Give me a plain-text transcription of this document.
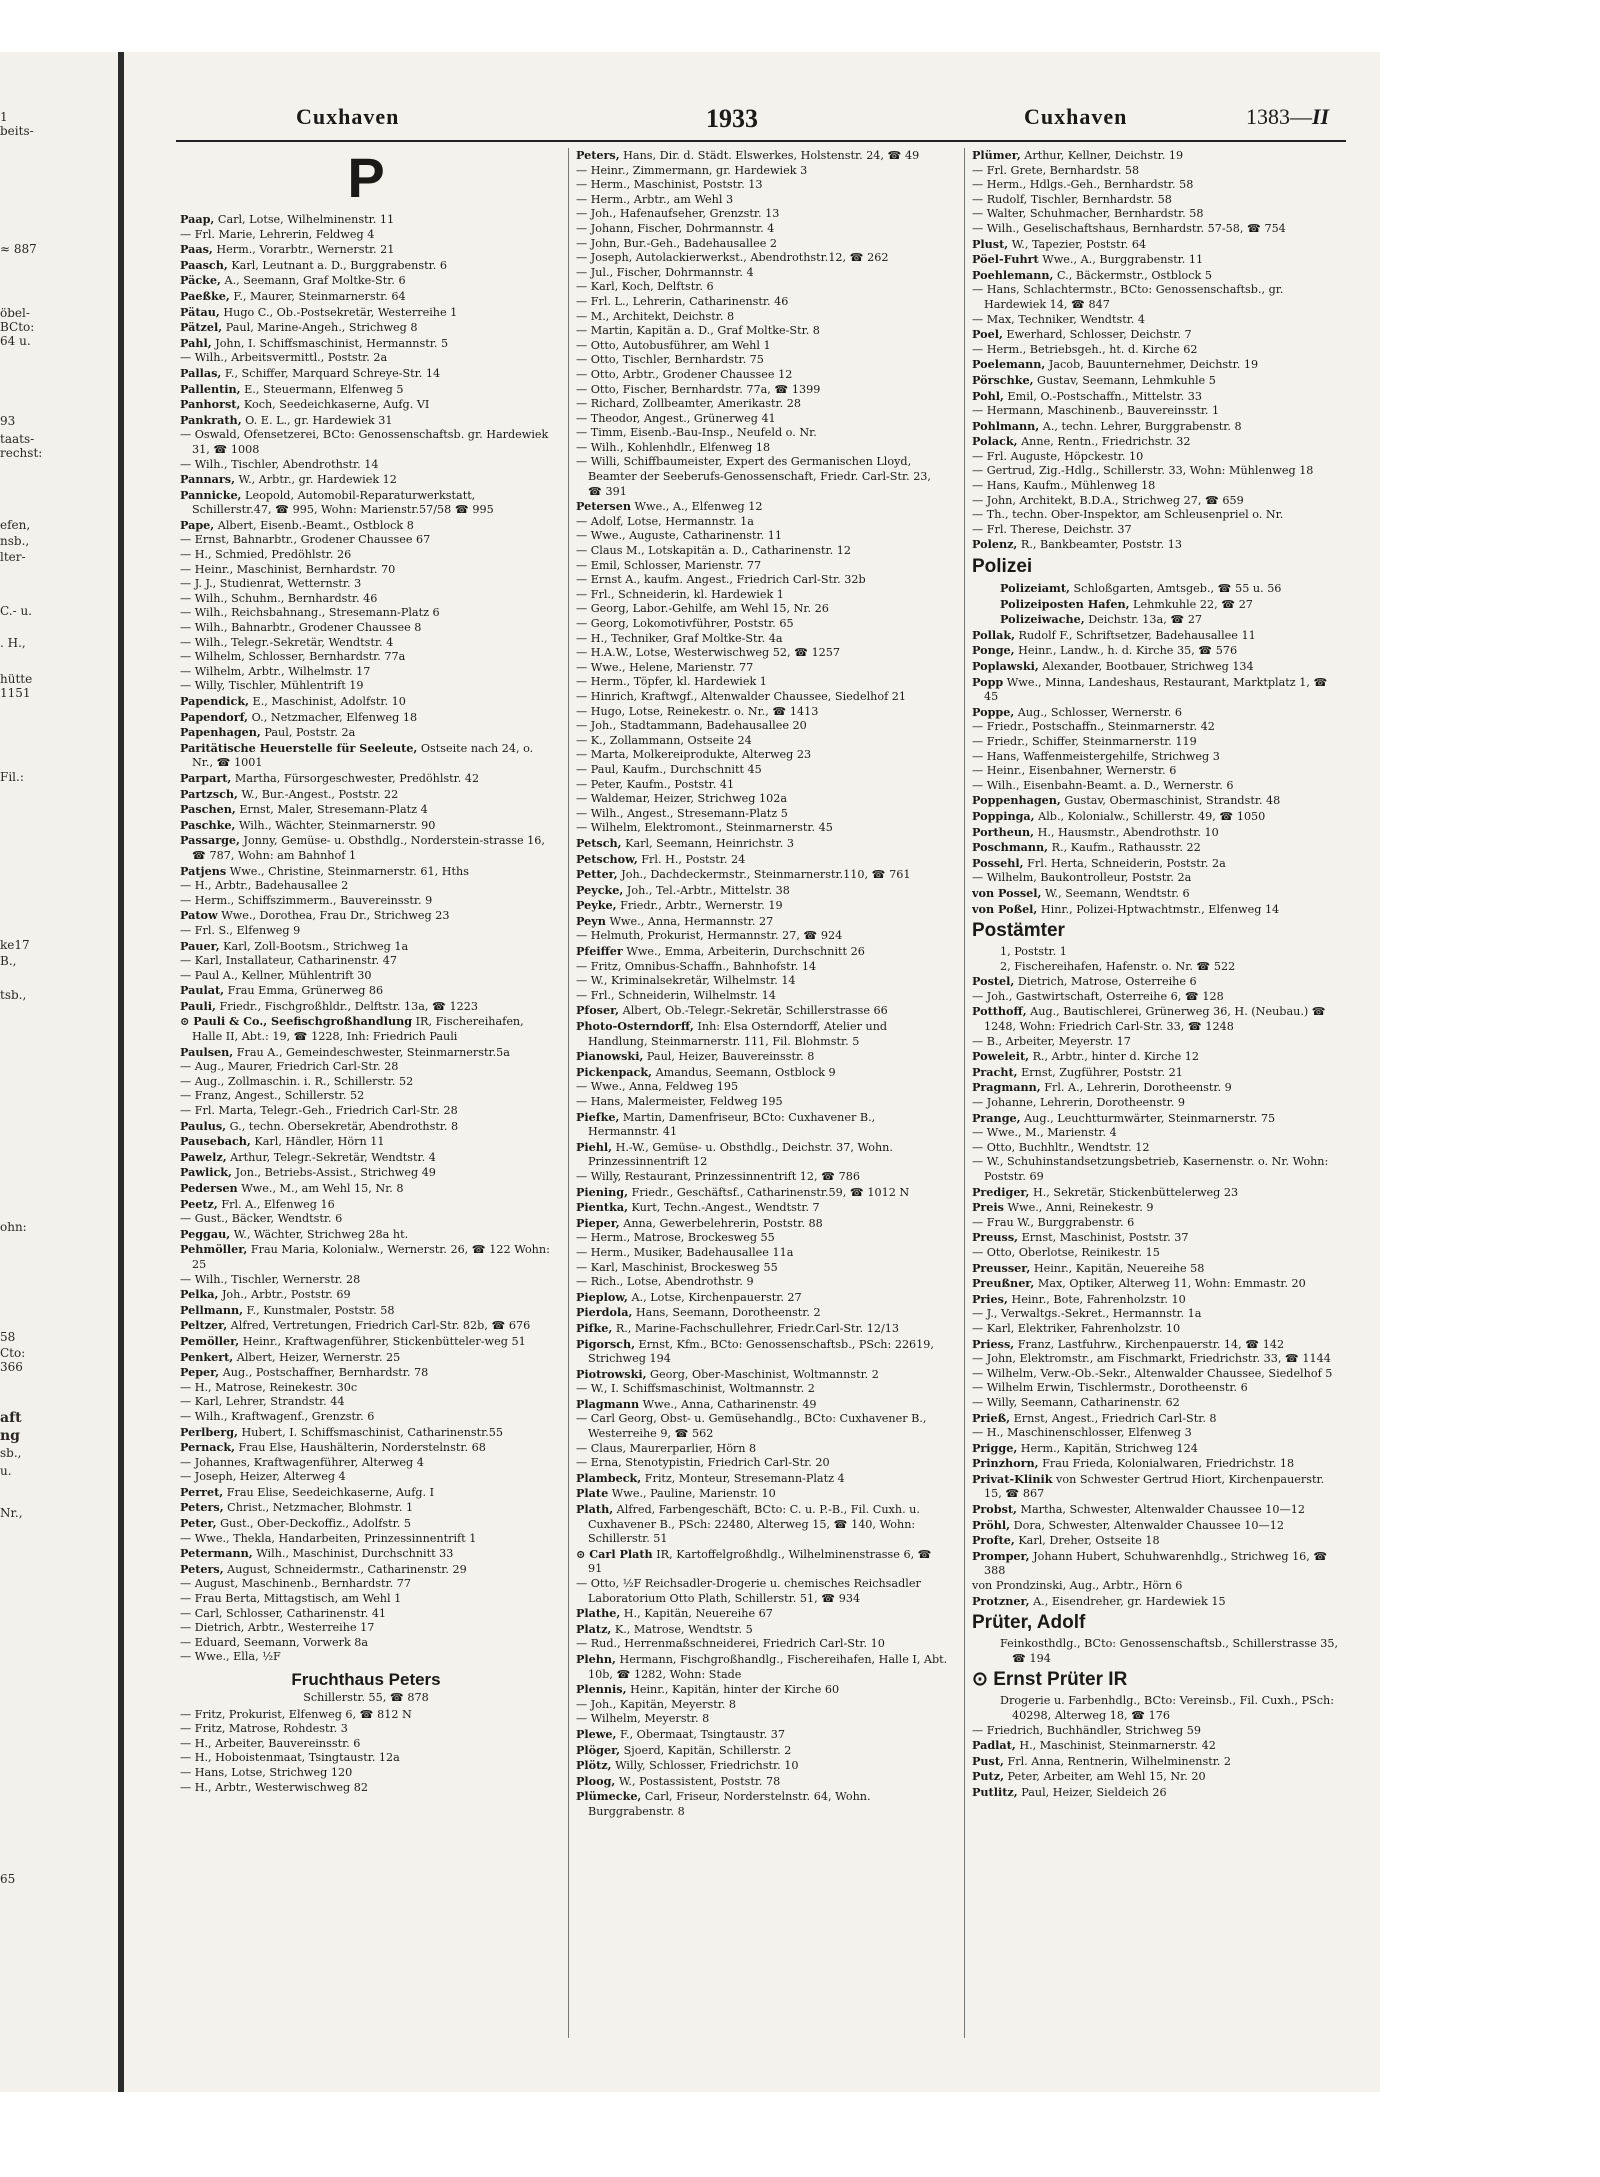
1
beits-
≈ 887
öbel-
BCto:
64 u.
93
taats-
rechst:
efen,
nsb.,
lter-
C.- u.
. H.,
hütte
1151
Fil.:
ke17
B.,
tsb.,
ohn:
58
Cto:
366
aft
ng
sb.,
u.
Nr.,
65
Cuxhaven	1933	Cuxhaven	1383—II
P

Paap, Carl, Lotse, Wilhelminenstr. 11

— Frl. Marie, Lehrerin, Feldweg 4

Paas, Herm., Vorarbtr., Wernerstr. 21

Paasch, Karl, Leutnant a. D., Burggrabenstr. 6

Päcke, A., Seemann, Graf Moltke-Str. 6

Paeßke, F., Maurer, Steinmarnerstr. 64

Pätau, Hugo C., Ob.-Postsekretär, Westerreihe 1

Pätzel, Paul, Marine-Angeh., Strichweg 8

Pahl, John, I. Schiffsmaschinist, Hermannstr. 5

— Wilh., Arbeitsvermittl., Poststr. 2a

Pallas, F., Schiffer, Marquard Schreye-Str. 14

Pallentin, E., Steuermann, Elfenweg 5

Panhorst, Koch, Seedeichkaserne, Aufg. VI

Pankrath, O. E. L., gr. Hardewiek 31

— Oswald, Ofensetzerei, BCto: Genossenschaftsb. gr. Hardewiek 31, ☎ 1008

— Wilh., Tischler, Abendrothstr. 14

Pannars, W., Arbtr., gr. Hardewiek 12

Pannicke, Leopold, Automobil-Reparaturwerkstatt, Schillerstr.47, ☎ 995, Wohn: Marienstr.57/58 ☎ 995

Pape, Albert, Eisenb.-Beamt., Ostblock 8

— Ernst, Bahnarbtr., Grodener Chaussee 67

— H., Schmied, Predöhlstr. 26

— Heinr., Maschinist, Bernhardstr. 70

— J. J., Studienrat, Wetternstr. 3

— Wilh., Schuhm., Bernhardstr. 46

— Wilh., Reichsbahnang., Stresemann-Platz 6

— Wilh., Bahnarbtr., Grodener Chaussee 8

— Wilh., Telegr.-Sekretär, Wendtstr. 4

— Wilhelm, Schlosser, Bernhardstr. 77a

— Wilhelm, Arbtr., Wilhelmstr. 17

— Willy, Tischler, Mühlentrift 19

Papendick, E., Maschinist, Adolfstr. 10

Papendorf, O., Netzmacher, Elfenweg 18

Papenhagen, Paul, Poststr. 2a

Paritätische Heuerstelle für Seeleute, Ostseite nach 24, o. Nr., ☎ 1001

Parpart, Martha, Fürsorgeschwester, Predöhlstr. 42

Partzsch, W., Bur.-Angest., Poststr. 22

Paschen, Ernst, Maler, Stresemann-Platz 4

Paschke, Wilh., Wächter, Steinmarnerstr. 90

Passarge, Jonny, Gemüse- u. Obsthdlg., Norderstein-strasse 16, ☎ 787, Wohn: am Bahnhof 1

Patjens Wwe., Christine, Steinmarnerstr. 61, Hths

— H., Arbtr., Badehausallee 2

— Herm., Schiffszimmerm., Bauvereinsstr. 9

Patow Wwe., Dorothea, Frau Dr., Strichweg 23

— Frl. S., Elfenweg 9

Pauer, Karl, Zoll-Bootsm., Strichweg 1a

— Karl, Installateur, Catharinenstr. 47

— Paul A., Kellner, Mühlentrift 30

Paulat, Frau Emma, Grünerweg 86

Pauli, Friedr., Fischgroßhldr., Delftstr. 13a, ☎ 1223

⊙ Pauli & Co., Seefischgroßhandlung IR, Fischereihafen, Halle II, Abt.: 19, ☎ 1228, Inh: Friedrich Pauli

Paulsen, Frau A., Gemeindeschwester, Steinmarnerstr.5a

— Aug., Maurer, Friedrich Carl-Str. 28

— Aug., Zollmaschin. i. R., Schillerstr. 52

— Franz, Angest., Schillerstr. 52

— Frl. Marta, Telegr.-Geh., Friedrich Carl-Str. 28

Paulus, G., techn. Obersekretär, Abendrothstr. 8

Pausebach, Karl, Händler, Hörn 11

Pawelz, Arthur, Telegr.-Sekretär, Wendtstr. 4

Pawlick, Jon., Betriebs-Assist., Strichweg 49

Pedersen Wwe., M., am Wehl 15, Nr. 8

Peetz, Frl. A., Elfenweg 16

— Gust., Bäcker, Wendtstr. 6

Peggau, W., Wächter, Strichweg 28a ht.

Pehmöller, Frau Maria, Kolonialw., Wernerstr. 26, ☎ 122 Wohn: 25

— Wilh., Tischler, Wernerstr. 28

Pelka, Joh., Arbtr., Poststr. 69

Pellmann, F., Kunstmaler, Poststr. 58

Peltzer, Alfred, Vertretungen, Friedrich Carl-Str. 82b, ☎ 676

Pemöller, Heinr., Kraftwagenführer, Stickenbütteler-weg 51

Penkert, Albert, Heizer, Wernerstr. 25

Peper, Aug., Postschaffner, Bernhardstr. 78

— H., Matrose, Reinekestr. 30c

— Karl, Lehrer, Strandstr. 44

— Wilh., Kraftwagenf., Grenzstr. 6

Perlberg, Hubert, I. Schiffsmaschinist, Catharinenstr.55

Pernack, Frau Else, Haushälterin, Norderstelnstr. 68

— Johannes, Kraftwagenführer, Alterweg 4

— Joseph, Heizer, Alterweg 4

Perret, Frau Elise, Seedeichkaserne, Aufg. I

Peters, Christ., Netzmacher, Blohmstr. 1

Peter, Gust., Ober-Deckoffiz., Adolfstr. 5

— Wwe., Thekla, Handarbeiten, Prinzessinnentrift 1

Petermann, Wilh., Maschinist, Durchschnitt 33

Peters, August, Schneidermstr., Catharinenstr. 29

— August, Maschinenb., Bernhardstr. 77

— Frau Berta, Mittagstisch, am Wehl 1

— Carl, Schlosser, Catharinenstr. 41

— Dietrich, Arbtr., Westerreihe 17

— Eduard, Seemann, Vorwerk 8a

— Wwe., Ella, ½F

Fruchthaus Peters
Schillerstr. 55, ☎ 878

— Fritz, Prokurist, Elfenweg 6, ☎ 812 N

— Fritz, Matrose, Rohdestr. 3

— H., Arbeiter, Bauvereinsstr. 6

— H., Hoboistenmaat, Tsingtaustr. 12a

— Hans, Lotse, Strichweg 120

— H., Arbtr., Westerwischweg 82

Peters, Hans, Dir. d. Städt. Elswerkes, Holstenstr. 24, ☎ 49

— Heinr., Zimmermann, gr. Hardewiek 3

— Herm., Maschinist, Poststr. 13

— Herm., Arbtr., am Wehl 3

— Joh., Hafenaufseher, Grenzstr. 13

— Johann, Fischer, Dohrmannstr. 4

— John, Bur.-Geh., Badehausallee 2

— Joseph, Autolackierwerkst., Abendrothstr.12, ☎ 262

— Jul., Fischer, Dohrmannstr. 4

— Karl, Koch, Delftstr. 6

— Frl. L., Lehrerin, Catharinenstr. 46

— M., Architekt, Deichstr. 8

— Martin, Kapitän a. D., Graf Moltke-Str. 8

— Otto, Autobusführer, am Wehl 1

— Otto, Tischler, Bernhardstr. 75

— Otto, Arbtr., Grodener Chaussee 12

— Otto, Fischer, Bernhardstr. 77a, ☎ 1399

— Richard, Zollbeamter, Amerikastr. 28

— Theodor, Angest., Grünerweg 41

— Timm, Eisenb.-Bau-Insp., Neufeld o. Nr.

— Wilh., Kohlenhdlr., Elfenweg 18

— Willi, Schiffbaumeister, Expert des Germanischen Lloyd, Beamter der Seeberufs-Genossenschaft, Friedr. Carl-Str. 23, ☎ 391

Petersen Wwe., A., Elfenweg 12

— Adolf, Lotse, Hermannstr. 1a

— Wwe., Auguste, Catharinenstr. 11

— Claus M., Lotskapitän a. D., Catharinenstr. 12

— Emil, Schlosser, Marienstr. 77

— Ernst A., kaufm. Angest., Friedrich Carl-Str. 32b

— Frl., Schneiderin, kl. Hardewiek 1

— Georg, Labor.-Gehilfe, am Wehl 15, Nr. 26

— Georg, Lokomotivführer, Poststr. 65

— H., Techniker, Graf Moltke-Str. 4a

— H.A.W., Lotse, Westerwischweg 52, ☎ 1257

— Wwe., Helene, Marienstr. 77

— Herm., Töpfer, kl. Hardewiek 1

— Hinrich, Kraftwgf., Altenwalder Chaussee, Siedelhof 21

— Hugo, Lotse, Reinekestr. o. Nr., ☎ 1413

— Joh., Stadtammann, Badehausallee 20

— K., Zollammann, Ostseite 24

— Marta, Molkereiprodukte, Alterweg 23

— Paul, Kaufm., Durchschnitt 45

— Peter, Kaufm., Poststr. 41

— Waldemar, Heizer, Strichweg 102a

— Wilh., Angest., Stresemann-Platz 5

— Wilhelm, Elektromont., Steinmarnerstr. 45

Petsch, Karl, Seemann, Heinrichstr. 3

Petschow, Frl. H., Poststr. 24

Petter, Joh., Dachdeckermstr., Steinmarnerstr.110, ☎ 761

Peycke, Joh., Tel.-Arbtr., Mittelstr. 38

Peyke, Friedr., Arbtr., Wernerstr. 19

Peyn Wwe., Anna, Hermannstr. 27

— Helmuth, Prokurist, Hermannstr. 27, ☎ 924

Pfeiffer Wwe., Emma, Arbeiterin, Durchschnitt 26

— Fritz, Omnibus-Schaffn., Bahnhofstr. 14

— W., Kriminalsekretär, Wilhelmstr. 14

— Frl., Schneiderin, Wilhelmstr. 14

Pfoser, Albert, Ob.-Telegr.-Sekretär, Schillerstrasse 66

Photo-Osterndorff, Inh: Elsa Osterndorff, Atelier und Handlung, Steinmarnerstr. 111, Fil. Blohmstr. 5

Pianowski, Paul, Heizer, Bauvereinsstr. 8

Pickenpack, Amandus, Seemann, Ostblock 9

— Wwe., Anna, Feldweg 195

— Hans, Malermeister, Feldweg 195

Piefke, Martin, Damenfriseur, BCto: Cuxhavener B., Hermannstr. 41

Piehl, H.-W., Gemüse- u. Obsthdlg., Deichstr. 37, Wohn. Prinzessinnentrift 12

— Willy, Restaurant, Prinzessinnentrift 12, ☎ 786

Piening, Friedr., Geschäftsf., Catharinenstr.59, ☎ 1012 N

Pientka, Kurt, Techn.-Angest., Wendtstr. 7

Pieper, Anna, Gewerbelehrerin, Poststr. 88

— Herm., Matrose, Brockesweg 55

— Herm., Musiker, Badehausallee 11a

— Karl, Maschinist, Brockesweg 55

— Rich., Lotse, Abendrothstr. 9

Pieplow, A., Lotse, Kirchenpauerstr. 27

Pierdola, Hans, Seemann, Dorotheenstr. 2

Pifke, R., Marine-Fachschullehrer, Friedr.Carl-Str. 12/13

Pigorsch, Ernst, Kfm., BCto: Genossenschaftsb., PSch: 22619, Strichweg 194

Piotrowski, Georg, Ober-Maschinist, Woltmannstr. 2

— W., I. Schiffsmaschinist, Woltmannstr. 2

Plagmann Wwe., Anna, Catharinenstr. 49

— Carl Georg, Obst- u. Gemüsehandlg., BCto: Cuxhavener B., Westerreihe 9, ☎ 562

— Claus, Maurerparlier, Hörn 8

— Erna, Stenotypistin, Friedrich Carl-Str. 20

Plambeck, Fritz, Monteur, Stresemann-Platz 4

Plate Wwe., Pauline, Marienstr. 10

Plath, Alfred, Farbengeschäft, BCto: C. u. P.-B., Fil. Cuxh. u. Cuxhavener B., PSch: 22480, Alterweg 15, ☎ 140, Wohn: Schillerstr. 51

⊙ Carl Plath IR, Kartoffelgroßhdlg., Wilhelminenstrasse 6, ☎ 91

— Otto, ½F Reichsadler-Drogerie u. chemisches Reichsadler Laboratorium Otto Plath, Schillerstr. 51, ☎ 934

Plathe, H., Kapitän, Neuereihe 67

Platz, K., Matrose, Wendtstr. 5

— Rud., Herrenmaßschneiderei, Friedrich Carl-Str. 10

Plehn, Hermann, Fischgroßhandlg., Fischereihafen, Halle I, Abt. 10b, ☎ 1282, Wohn: Stade

Plennis, Heinr., Kapitän, hinter der Kirche 60

— Joh., Kapitän, Meyerstr. 8

— Wilhelm, Meyerstr. 8

Plewe, F., Obermaat, Tsingtaustr. 37

Plöger, Sjoerd, Kapitän, Schillerstr. 2

Plötz, Willy, Schlosser, Friedrichstr. 10

Ploog, W., Postassistent, Poststr. 78

Plümecke, Carl, Friseur, Norderstelnstr. 64, Wohn. Burggrabenstr. 8

Plümer, Arthur, Kellner, Deichstr. 19

— Frl. Grete, Bernhardstr. 58

— Herm., Hdlgs.-Geh., Bernhardstr. 58

— Rudolf, Tischler, Bernhardstr. 58

— Walter, Schuhmacher, Bernhardstr. 58

— Wilh., Geselischaftshaus, Bernhardstr. 57-58, ☎ 754

Plust, W., Tapezier, Poststr. 64

Pöel-Fuhrt Wwe., A., Burggrabenstr. 11

Poehlemann, C., Bäckermstr., Ostblock 5

— Hans, Schlachtermstr., BCto: Genossenschaftsb., gr. Hardewiek 14, ☎ 847

— Max, Techniker, Wendtstr. 4

Poel, Ewerhard, Schlosser, Deichstr. 7

— Herm., Betriebsgeh., ht. d. Kirche 62

Poelemann, Jacob, Bauunternehmer, Deichstr. 19

Pörschke, Gustav, Seemann, Lehmkuhle 5

Pohl, Emil, O.-Postschaffn., Mittelstr. 33

— Hermann, Maschinenb., Bauvereinsstr. 1

Pohlmann, A., techn. Lehrer, Burggrabenstr. 8

Polack, Anne, Rentn., Friedrichstr. 32

— Frl. Auguste, Höpckestr. 10

— Gertrud, Zig.-Hdlg., Schillerstr. 33, Wohn: Mühlenweg 18

— Hans, Kaufm., Mühlenweg 18

— John, Architekt, B.D.A., Strichweg 27, ☎ 659

— Th., techn. Ober-Inspektor, am Schleusenpriel o. Nr.

— Frl. Therese, Deichstr. 37

Polenz, R., Bankbeamter, Poststr. 13

Polizei

Polizeiamt, Schloßgarten, Amtsgeb., ☎ 55 u. 56

Polizeiposten Hafen, Lehmkuhle 22, ☎ 27

Polizeiwache, Deichstr. 13a, ☎ 27

Pollak, Rudolf F., Schriftsetzer, Badehausallee 11

Ponge, Heinr., Landw., h. d. Kirche 35, ☎ 576

Poplawski, Alexander, Bootbauer, Strichweg 134

Popp Wwe., Minna, Landeshaus, Restaurant, Marktplatz 1, ☎ 45

Poppe, Aug., Schlosser, Wernerstr. 6

— Friedr., Postschaffn., Steinmarnerstr. 42

— Friedr., Schiffer, Steinmarnerstr. 119

— Hans, Waffenmeistergehilfe, Strichweg 3

— Heinr., Eisenbahner, Wernerstr. 6

— Wilh., Eisenbahn-Beamt. a. D., Wernerstr. 6

Poppenhagen, Gustav, Obermaschinist, Strandstr. 48

Poppinga, Alb., Kolonialw., Schillerstr. 49, ☎ 1050

Portheun, H., Hausmstr., Abendrothstr. 10

Poschmann, R., Kaufm., Rathausstr. 22

Possehl, Frl. Herta, Schneiderin, Poststr. 2a

— Wilhelm, Baukontrolleur, Poststr. 2a

von Possel, W., Seemann, Wendtstr. 6

von Poßel, Hinr., Polizei-Hptwachtmstr., Elfenweg 14

Postämter

1, Poststr. 1

2, Fischereihafen, Hafenstr. o. Nr. ☎ 522

Postel, Dietrich, Matrose, Osterreihe 6

— Joh., Gastwirtschaft, Osterreihe 6, ☎ 128

Potthoff, Aug., Bautischlerei, Grünerweg 36, H. (Neubau.) ☎ 1248, Wohn: Friedrich Carl-Str. 33, ☎ 1248

— B., Arbeiter, Meyerstr. 17

Poweleit, R., Arbtr., hinter d. Kirche 12

Pracht, Ernst, Zugführer, Poststr. 21

Pragmann, Frl. A., Lehrerin, Dorotheenstr. 9

— Johanne, Lehrerin, Dorotheenstr. 9

Prange, Aug., Leuchtturmwärter, Steinmarnerstr. 75

— Wwe., M., Marienstr. 4

— Otto, Buchhltr., Wendtstr. 12

— W., Schuhinstandsetzungsbetrieb, Kasernenstr. o. Nr. Wohn: Poststr. 69

Prediger, H., Sekretär, Stickenbüttelerweg 23

Preis Wwe., Anni, Reinekestr. 9

— Frau W., Burggrabenstr. 6

Preuss, Ernst, Maschinist, Poststr. 37

— Otto, Oberlotse, Reinikestr. 15

Preusser, Heinr., Kapitän, Neuereihe 58

Preußner, Max, Optiker, Alterweg 11, Wohn: Emmastr. 20

Pries, Heinr., Bote, Fahrenholzstr. 10

— J., Verwaltgs.-Sekret., Hermannstr. 1a

— Karl, Elektriker, Fahrenholzstr. 10

Priess, Franz, Lastfuhrw., Kirchenpauerstr. 14, ☎ 142

— John, Elektromstr., am Fischmarkt, Friedrichstr. 33, ☎ 1144

— Wilhelm, Verw.-Ob.-Sekr., Altenwalder Chaussee, Siedelhof 5

— Wilhelm Erwin, Tischlermstr., Dorotheenstr. 6

— Willy, Seemann, Catharinenstr. 62

Prieß, Ernst, Angest., Friedrich Carl-Str. 8

— H., Maschinenschlosser, Elfenweg 3

Prigge, Herm., Kapitän, Strichweg 124

Prinzhorn, Frau Frieda, Kolonialwaren, Friedrichstr. 18

Privat-Klinik von Schwester Gertrud Hiort, Kirchenpauerstr. 15, ☎ 867

Probst, Martha, Schwester, Altenwalder Chaussee 10—12

Pröhl, Dora, Schwester, Altenwalder Chaussee 10—12

Profte, Karl, Dreher, Ostseite 18

Promper, Johann Hubert, Schuhwarenhdlg., Strichweg 16, ☎ 388

von Prondzinski, Aug., Arbtr., Hörn 6

Protzner, A., Eisendreher, gr. Hardewiek 15

Prüter, Adolf

Feinkosthdlg., BCto: Genossenschaftsb., Schillerstrasse 35, ☎ 194

⊙ Ernst Prüter IR

Drogerie u. Farbenhdlg., BCto: Vereinsb., Fil. Cuxh., PSch: 40298, Alterweg 18, ☎ 176

— Friedrich, Buchhändler, Strichweg 59

Padlat, H., Maschinist, Steinmarnerstr. 42

Pust, Frl. Anna, Rentnerin, Wilhelminenstr. 2

Putz, Peter, Arbeiter, am Wehl 15, Nr. 20

Putlitz, Paul, Heizer, Sieldeich 26
